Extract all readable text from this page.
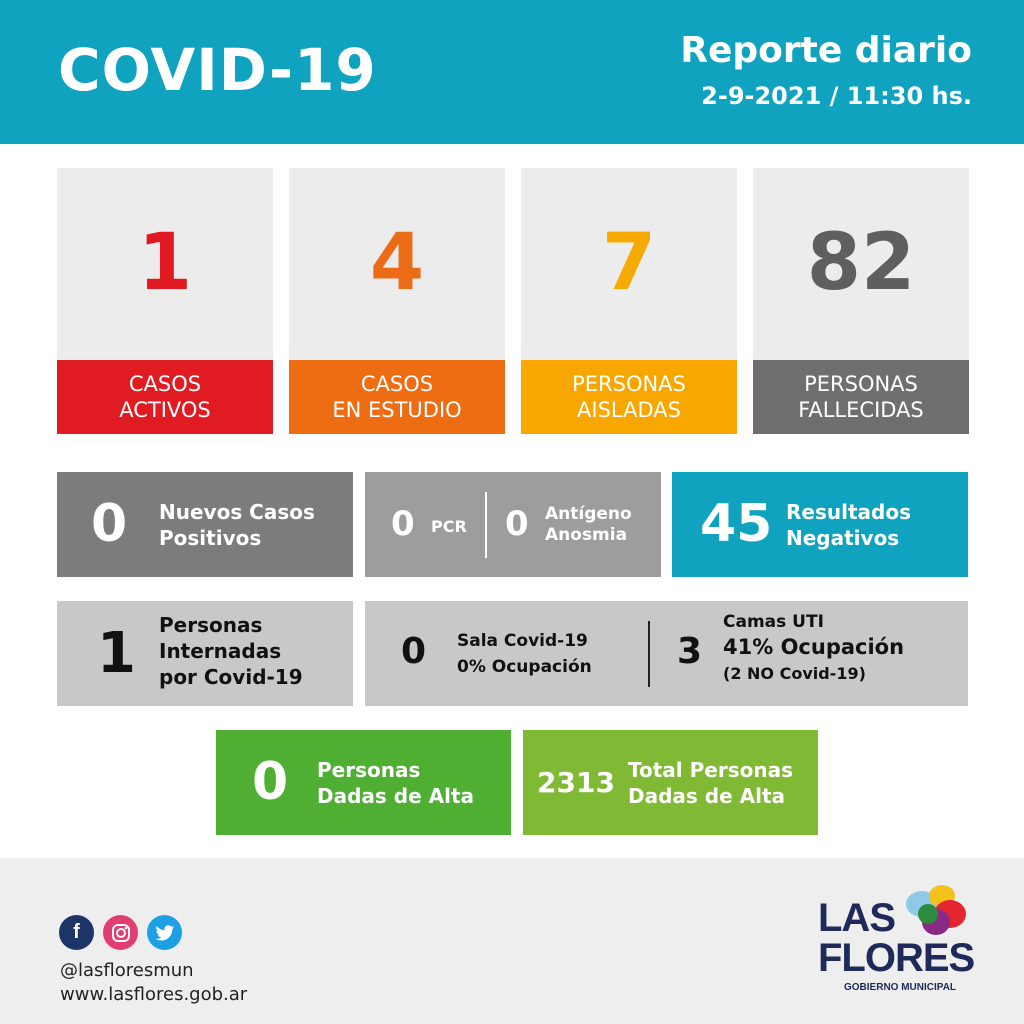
COVID-19	Reporte diario
2-9-2021 / 11:30 hs.
1
CASOS
ACTIVOS
4
CASOS
EN ESTUDIO
7
PERSONAS
AISLADAS
82
PERSONAS
FALLECIDAS
0 Nuevos Casos
Positivos	0 PCR 0 Antígeno
Anosmia 45 Resultados
Negativos
1 Personas
Internadas
por Covid-19
0 Sala Covid-19
0% Ocupación 3
Camas UTI
41% Ocupación
(2 NO Covid-19)
0 Personas
Dadas de Alta 2313 Total Personas
Dadas de Alta
f
@lasfloresmun
www.lasflores.gob.ar
LAS
FLORES
GOBIERNO MUNICIPAL
